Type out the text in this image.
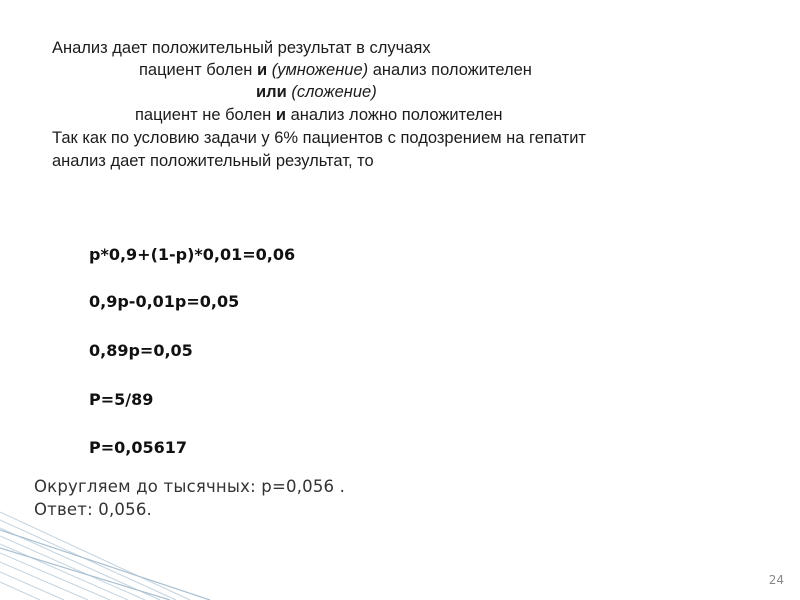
Анализ дает положительный результат в случаях
пациент болен и (умножение) анализ положителен
или (сложение)
пациент не болен и анализ ложно положителен
Так как по условию задачи у 6% пациентов с подозрением на гепатит
анализ дает положительный результат, то
p*0,9+(1-p)*0,01=0,06
0,9p-0,01p=0,05
0,89p=0,05
P=5/89
P=0,05617
Округляем до тысячных: р=0,056 .
Ответ: 0,056.
24
